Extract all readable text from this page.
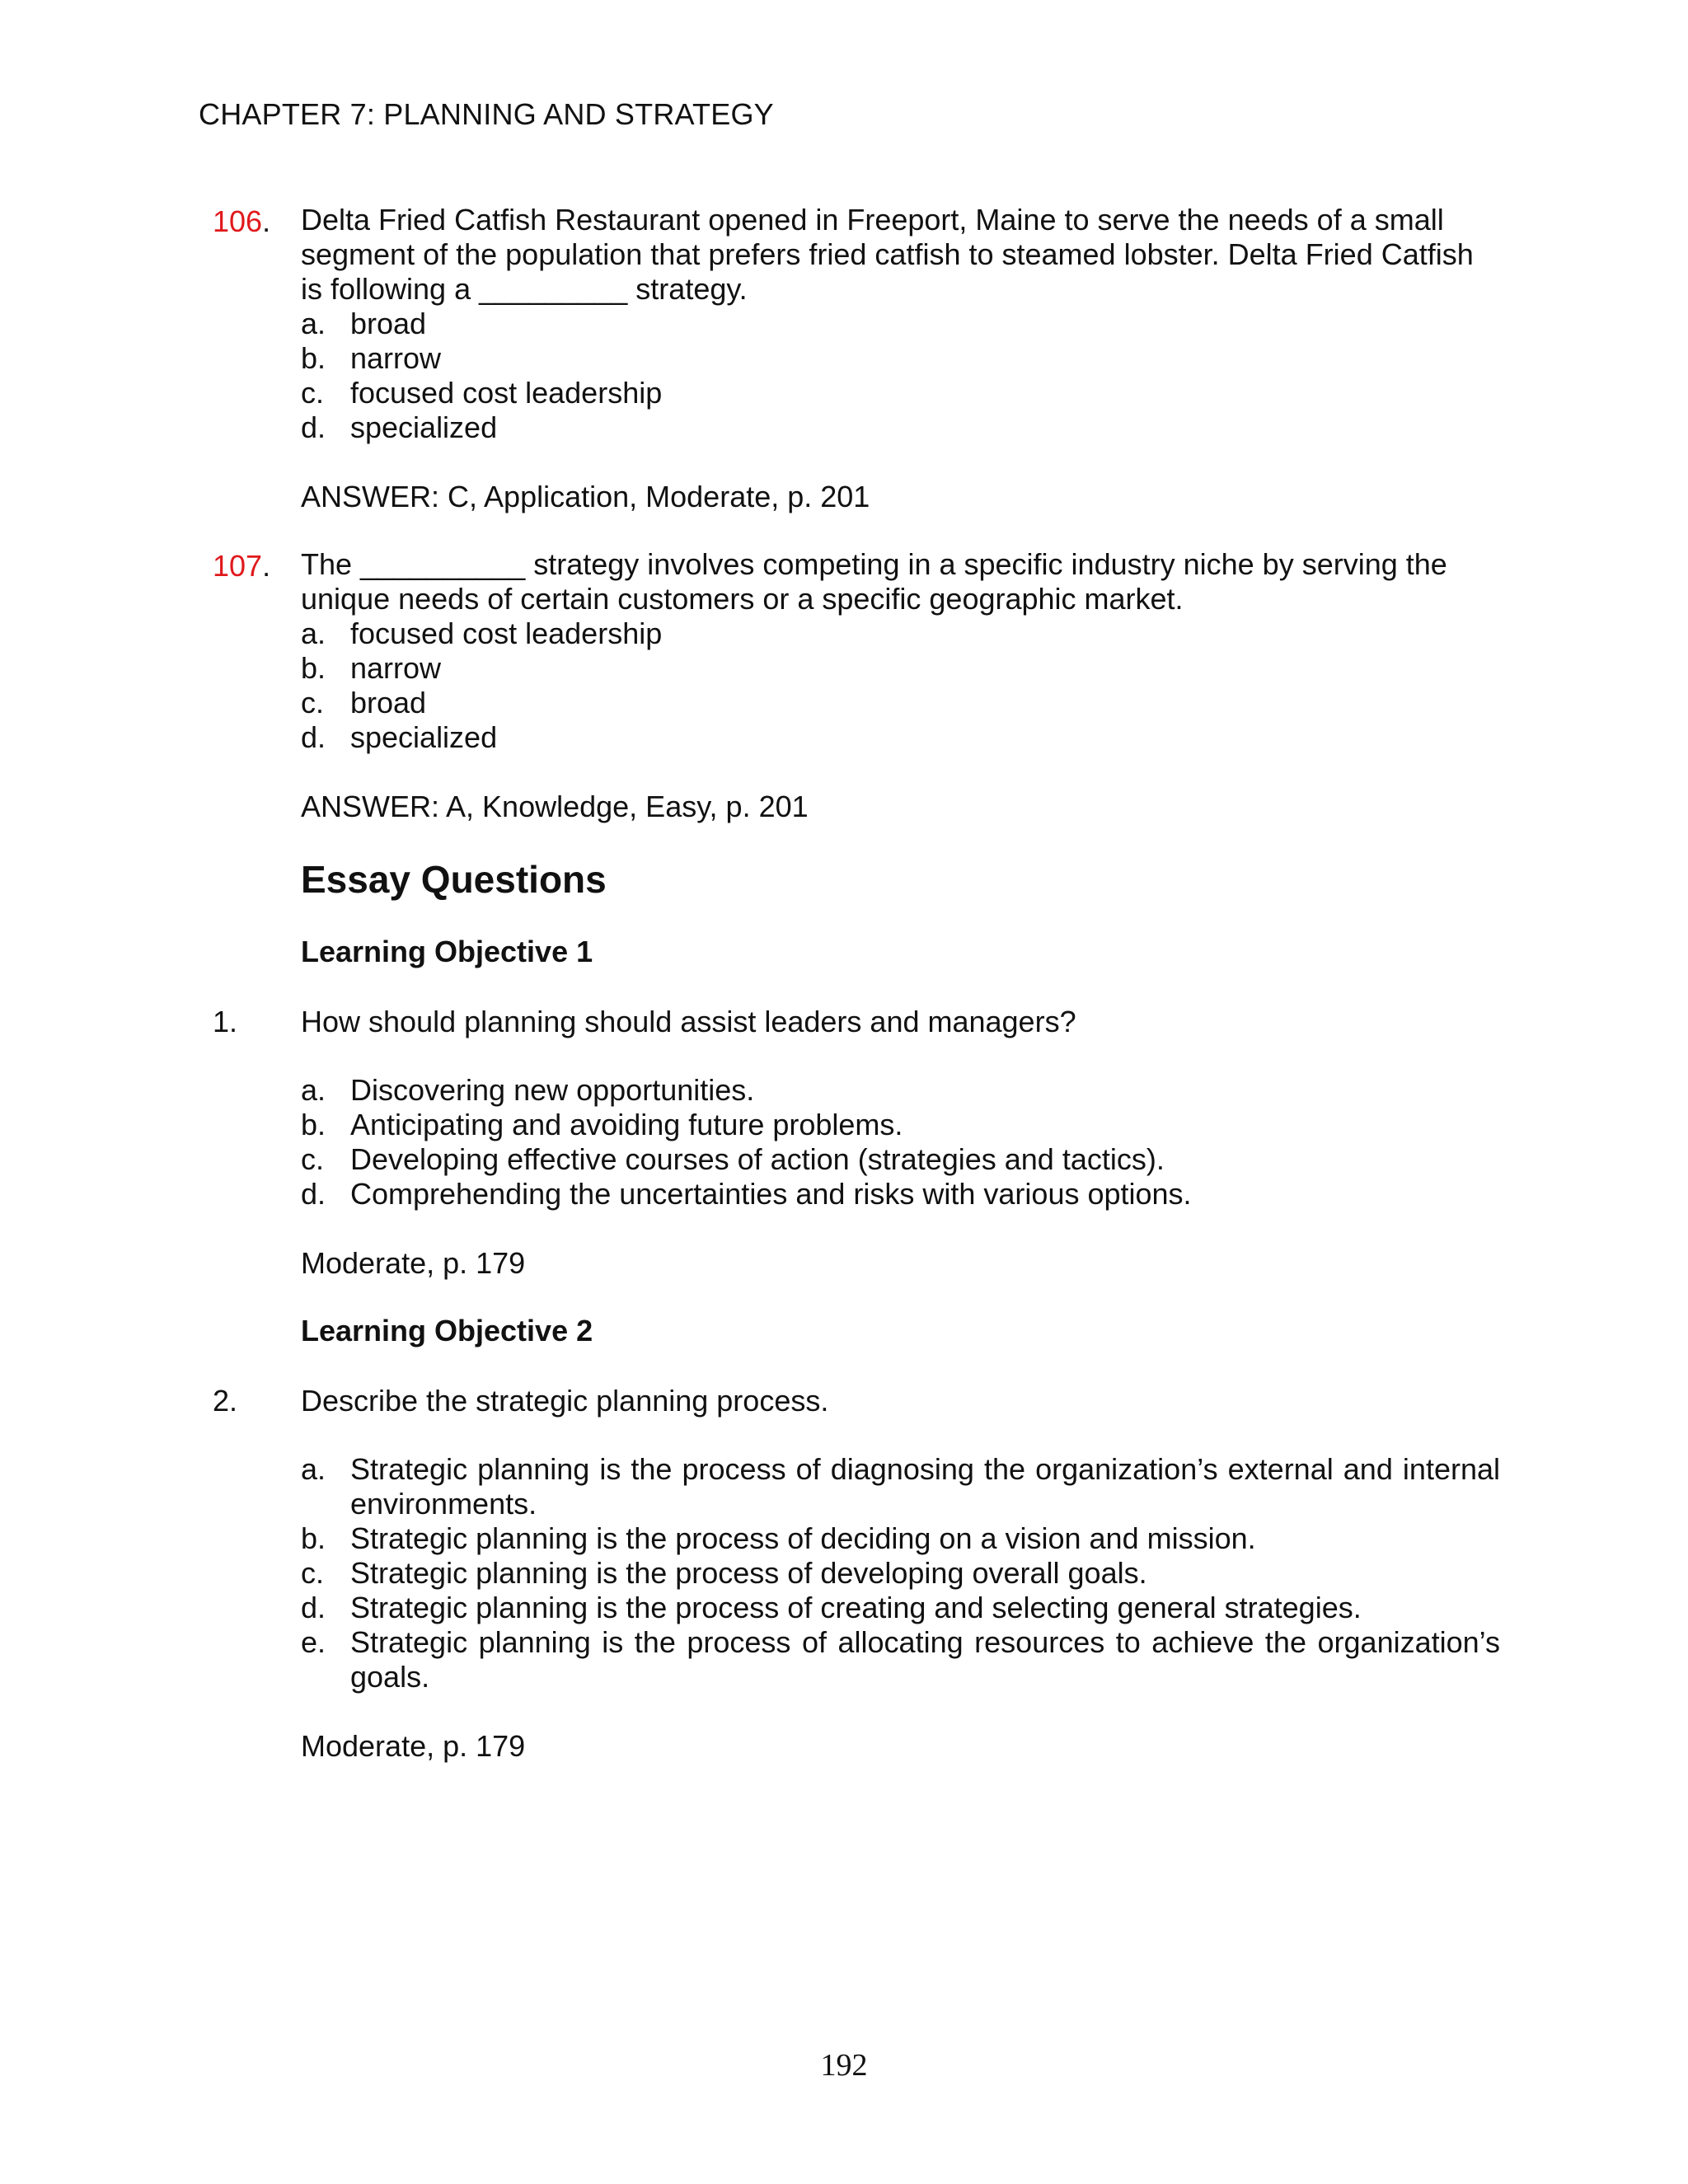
CHAPTER 7: PLANNING AND STRATEGY
106. Delta Fried Catfish Restaurant opened in Freeport, Maine to serve the needs of a small segment of the population that prefers fried catfish to steamed lobster. Delta Fried Catfish is following a _________ strategy.
a. broad
b. narrow
c. focused cost leadership
d. specialized
ANSWER: C, Application, Moderate, p. 201
107. The __________ strategy involves competing in a specific industry niche by serving the unique needs of certain customers or a specific geographic market.
a. focused cost leadership
b. narrow
c. broad
d. specialized
ANSWER: A, Knowledge, Easy, p. 201
Essay Questions
Learning Objective 1
1. How should planning should assist leaders and managers?
a. Discovering new opportunities.
b. Anticipating and avoiding future problems.
c. Developing effective courses of action (strategies and tactics).
d. Comprehending the uncertainties and risks with various options.
Moderate, p. 179
Learning Objective 2
2. Describe the strategic planning process.
a. Strategic planning is the process of diagnosing the organization’s external and internal environments.
b. Strategic planning is the process of deciding on a vision and mission.
c. Strategic planning is the process of developing overall goals.
d. Strategic planning is the process of creating and selecting general strategies.
e. Strategic planning is the process of allocating resources to achieve the organization’s goals.
Moderate, p. 179
192
